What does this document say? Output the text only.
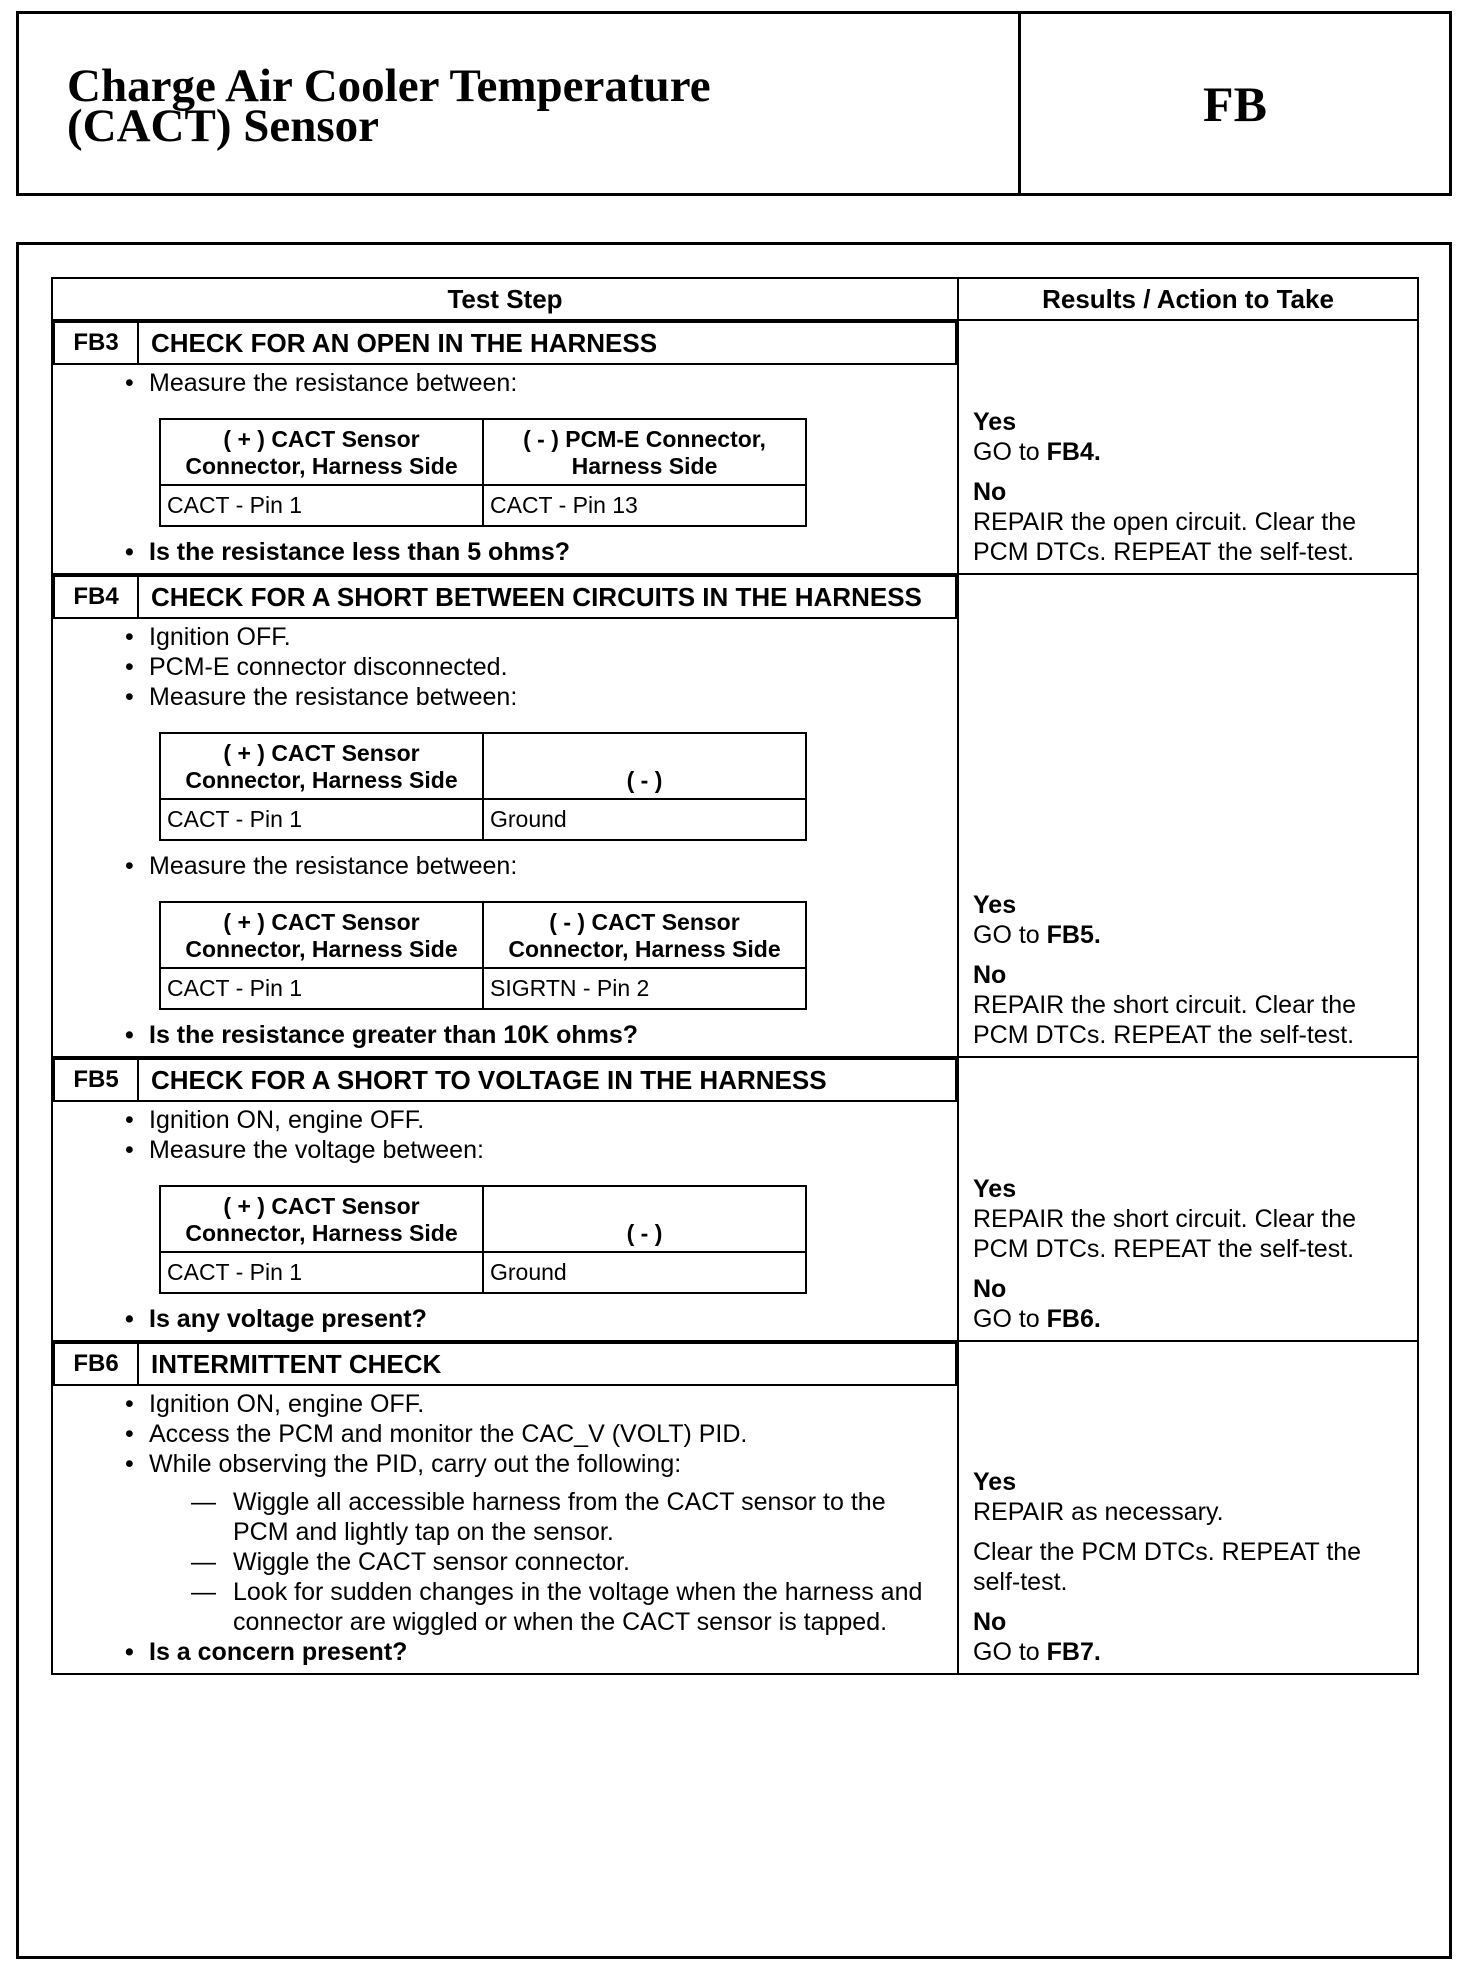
Charge Air Cooler Temperature
(CACT) Sensor	FB
Test Step	Results / Action to Take

FB3	CHECK FOR AN OPEN IN THE HARNESS
• Measure the resistance between:
( + ) CACT Sensor Connector, Harness Side	( - ) PCM-E Connector, Harness Side
CACT - Pin 1	CACT - Pin 13
• Is the resistance less than 5 ohms?

Yes
GO to FB4.
No
REPAIR the open circuit. Clear the PCM DTCs. REPEAT the self-test.

FB4	CHECK FOR A SHORT BETWEEN CIRCUITS IN THE HARNESS
• Ignition OFF.
• PCM-E connector disconnected.
• Measure the resistance between:
( + ) CACT Sensor Connector, Harness Side	( - )
CACT - Pin 1	Ground
• Measure the resistance between:
( + ) CACT Sensor Connector, Harness Side	( - ) CACT Sensor Connector, Harness Side
CACT - Pin 1	SIGRTN - Pin 2
• Is the resistance greater than 10K ohms?

Yes
GO to FB5.
No
REPAIR the short circuit. Clear the PCM DTCs. REPEAT the self-test.

FB5	CHECK FOR A SHORT TO VOLTAGE IN THE HARNESS
• Ignition ON, engine OFF.
• Measure the voltage between:
( + ) CACT Sensor Connector, Harness Side	( - )
CACT - Pin 1	Ground
• Is any voltage present?

Yes
REPAIR the short circuit. Clear the PCM DTCs. REPEAT the self-test.
No
GO to FB6.

FB6	INTERMITTENT CHECK
• Ignition ON, engine OFF.
• Access the PCM and monitor the CAC_V (VOLT) PID.
• While observing the PID, carry out the following:
— Wiggle all accessible harness from the CACT sensor to the PCM and lightly tap on the sensor.
— Wiggle the CACT sensor connector.
— Look for sudden changes in the voltage when the harness and connector are wiggled or when the CACT sensor is tapped.
• Is a concern present?

Yes
REPAIR as necessary.
Clear the PCM DTCs. REPEAT the self-test.
No
GO to FB7.
